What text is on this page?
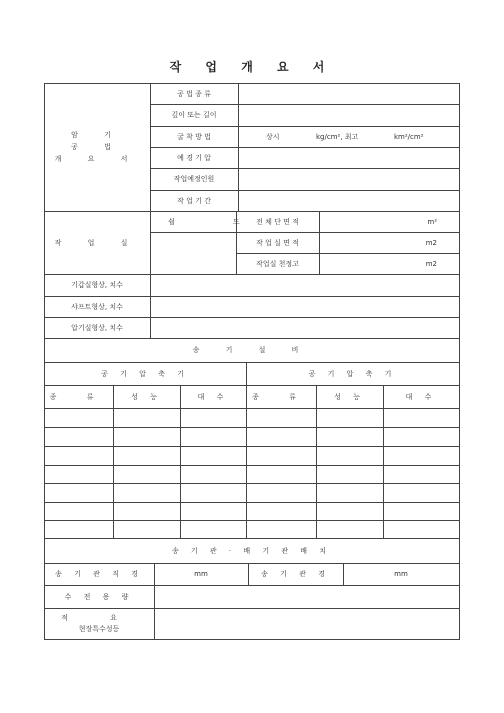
작 업 개 요 서
암 기
공 법
개 요 서
공 법 종 류
깊이 또는 길이
굴 착 방 법	상시	kg/cm², 최고	km²/cm²
예 경 기 압
작업예정인원
작 업 기 간
작 업 실
쉴 드
전 체 단 면 적	m²
작 업 실 면 적	m2
작업실 천정고	m2
기갑실형상, 치수
샤프트형상, 치수
압기실형상, 치수
송 기 설 비
공 기 압 축 기	공 기 압 축 기
종 류	성 능	대 수	종 류	성 능	대 수
송 기 관 · 배 기 관 배 치
송 기 관 직 경	mm	송 기 관 경	mm
수 전 용 량
적 요
현장특수성등
